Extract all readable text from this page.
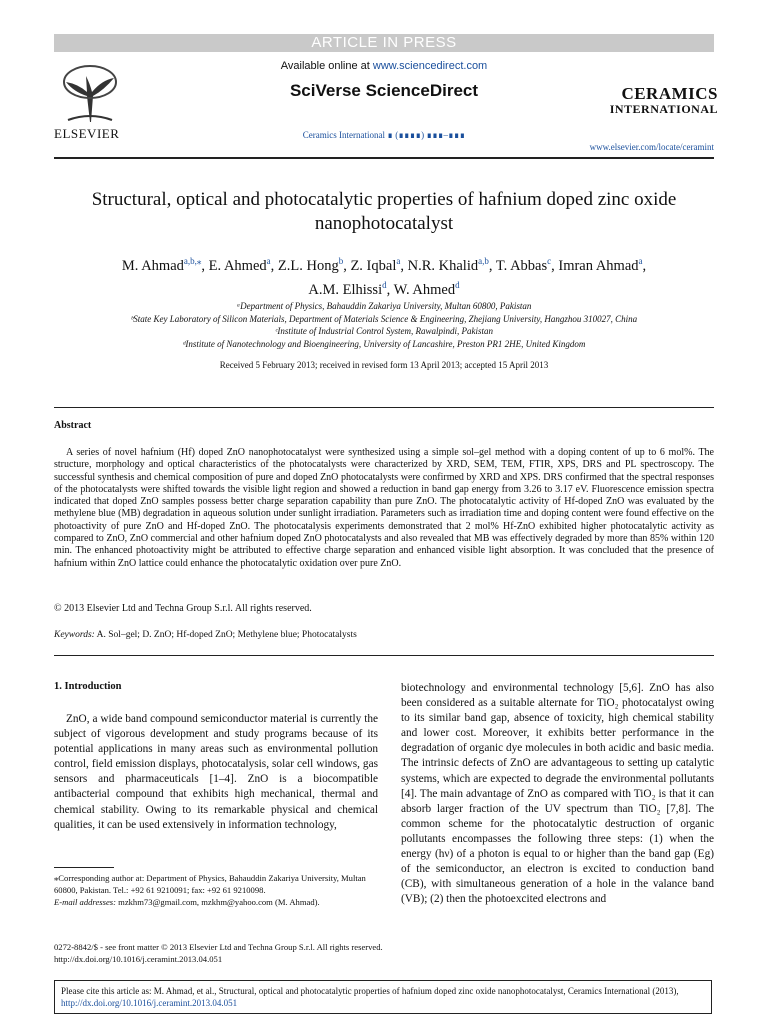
ARTICLE IN PRESS
Available online at www.sciencedirect.com
SciVerse ScienceDirect
Ceramics International ∎ (∎∎∎∎) ∎∎∎–∎∎∎
ELSEVIER
CERAMICS
INTERNATIONAL
www.elsevier.com/locate/ceramint
Structural, optical and photocatalytic properties of hafnium doped zinc oxide nanophotocatalyst
M. Ahmad$^{a,b,⁎}$, E. Ahmed$^a$, Z.L. Hong$^b$, Z. Iqbal$^a$, N.R. Khalid$^{a,b}$, T. Abbas$^c$, Imran Ahmad$^a$,
A.M. Elhissi$^d$, W. Ahmed$^d$
ᵃDepartment of Physics, Bahauddin Zakariya University, Multan 60800, Pakistan
ᵇState Key Laboratory of Silicon Materials, Department of Materials Science & Engineering, Zhejiang University, Hangzhou 310027, China
ᶜInstitute of Industrial Control System, Rawalpindi, Pakistan
ᵈInstitute of Nanotechnology and Bioengineering, University of Lancashire, Preston PR1 2HE, United Kingdom
Received 5 February 2013; received in revised form 13 April 2013; accepted 15 April 2013
Abstract
A series of novel hafnium (Hf) doped ZnO nanophotocatalyst were synthesized using a simple sol–gel method with a doping content of up to 6 mol%. The structure, morphology and optical characteristics of the photocatalysts were characterized by XRD, SEM, TEM, FTIR, XPS, DRS and PL spectroscopy. The successful synthesis and chemical composition of pure and doped ZnO photocatalysts were confirmed by XRD and XPS. DRS confirmed that the spectral responses of the photocatalysts were shifted towards the visible light region and showed a reduction in band gap energy from 3.26 to 3.17 eV. Fluorescence emission spectra indicated that doped ZnO samples possess better charge separation capability than pure ZnO. The photocatalytic activity of Hf-doped ZnO was evaluated by the methylene blue (MB) degradation in aqueous solution under sunlight irradiation. Parameters such as irradiation time and doping content were found effective on the photoactivity of pure ZnO and Hf-doped ZnO. The photocatalysis experiments demonstrated that 2 mol% Hf-ZnO exhibited higher photocatalytic activity as compared to ZnO, ZnO commercial and other hafnium doped ZnO photocatalysts and also revealed that MB was effectively degraded by more than 85% within 120 min. The enhanced photoactivity might be attributed to effective charge separation and enhanced visible light absorption. It was concluded that the presence of hafnium within ZnO lattice could enhance the photocatalytic oxidation over pure ZnO.
© 2013 Elsevier Ltd and Techna Group S.r.l. All rights reserved.
Keywords: A. Sol–gel; D. ZnO; Hf-doped ZnO; Methylene blue; Photocatalysts
1. Introduction
ZnO, a wide band compound semiconductor material is currently the subject of vigorous development and study programs because of its potential applications in many areas such as environmental pollution control, field emission displays, photocatalysis, solar cell windows, gas sensors and pharmaceuticals [1–4]. ZnO is a biocompatible antibacterial compound that exhibits high mechanical, thermal and chemical stability. Owing to its remarkable physical and chemical qualities, it can be used extensively in information technology,
biotechnology and environmental technology [5,6]. ZnO has also been considered as a suitable alternate for TiO₂ photocatalyst owing to its similar band gap, absence of toxicity, high chemical stability and lower cost. Moreover, it exhibits better performance in the degradation of organic dye molecules in both acidic and basic media. The intrinsic defects of ZnO are advantageous to setting up catalytic systems, which are expected to degrade the environmental pollutants [4]. The main advantage of ZnO as compared with TiO₂ is that it can absorb larger fraction of the UV spectrum than TiO₂ [7,8]. The common scheme for the photocatalytic destruction of organic pollutants encompasses the following three steps: (1) when the energy (hν) of a photon is equal to or higher than the band gap (Eg) of the semiconductor, an electron is excited to conduction band (CB), with simultaneous generation of a hole in the valance band (VB); (2) then the photoexcited electrons and
⁎Corresponding author at: Department of Physics, Bahauddin Zakariya University, Multan 60800, Pakistan. Tel.: +92 61 9210091; fax: +92 61 9210098.
E-mail addresses: mzkhm73@gmail.com, mzkhm@yahoo.com (M. Ahmad).
0272-8842/$ - see front matter © 2013 Elsevier Ltd and Techna Group S.r.l. All rights reserved.
http://dx.doi.org/10.1016/j.ceramint.2013.04.051
Please cite this article as: M. Ahmad, et al., Structural, optical and photocatalytic properties of hafnium doped zinc oxide nanophotocatalyst, Ceramics International (2013), http://dx.doi.org/10.1016/j.ceramint.2013.04.051
